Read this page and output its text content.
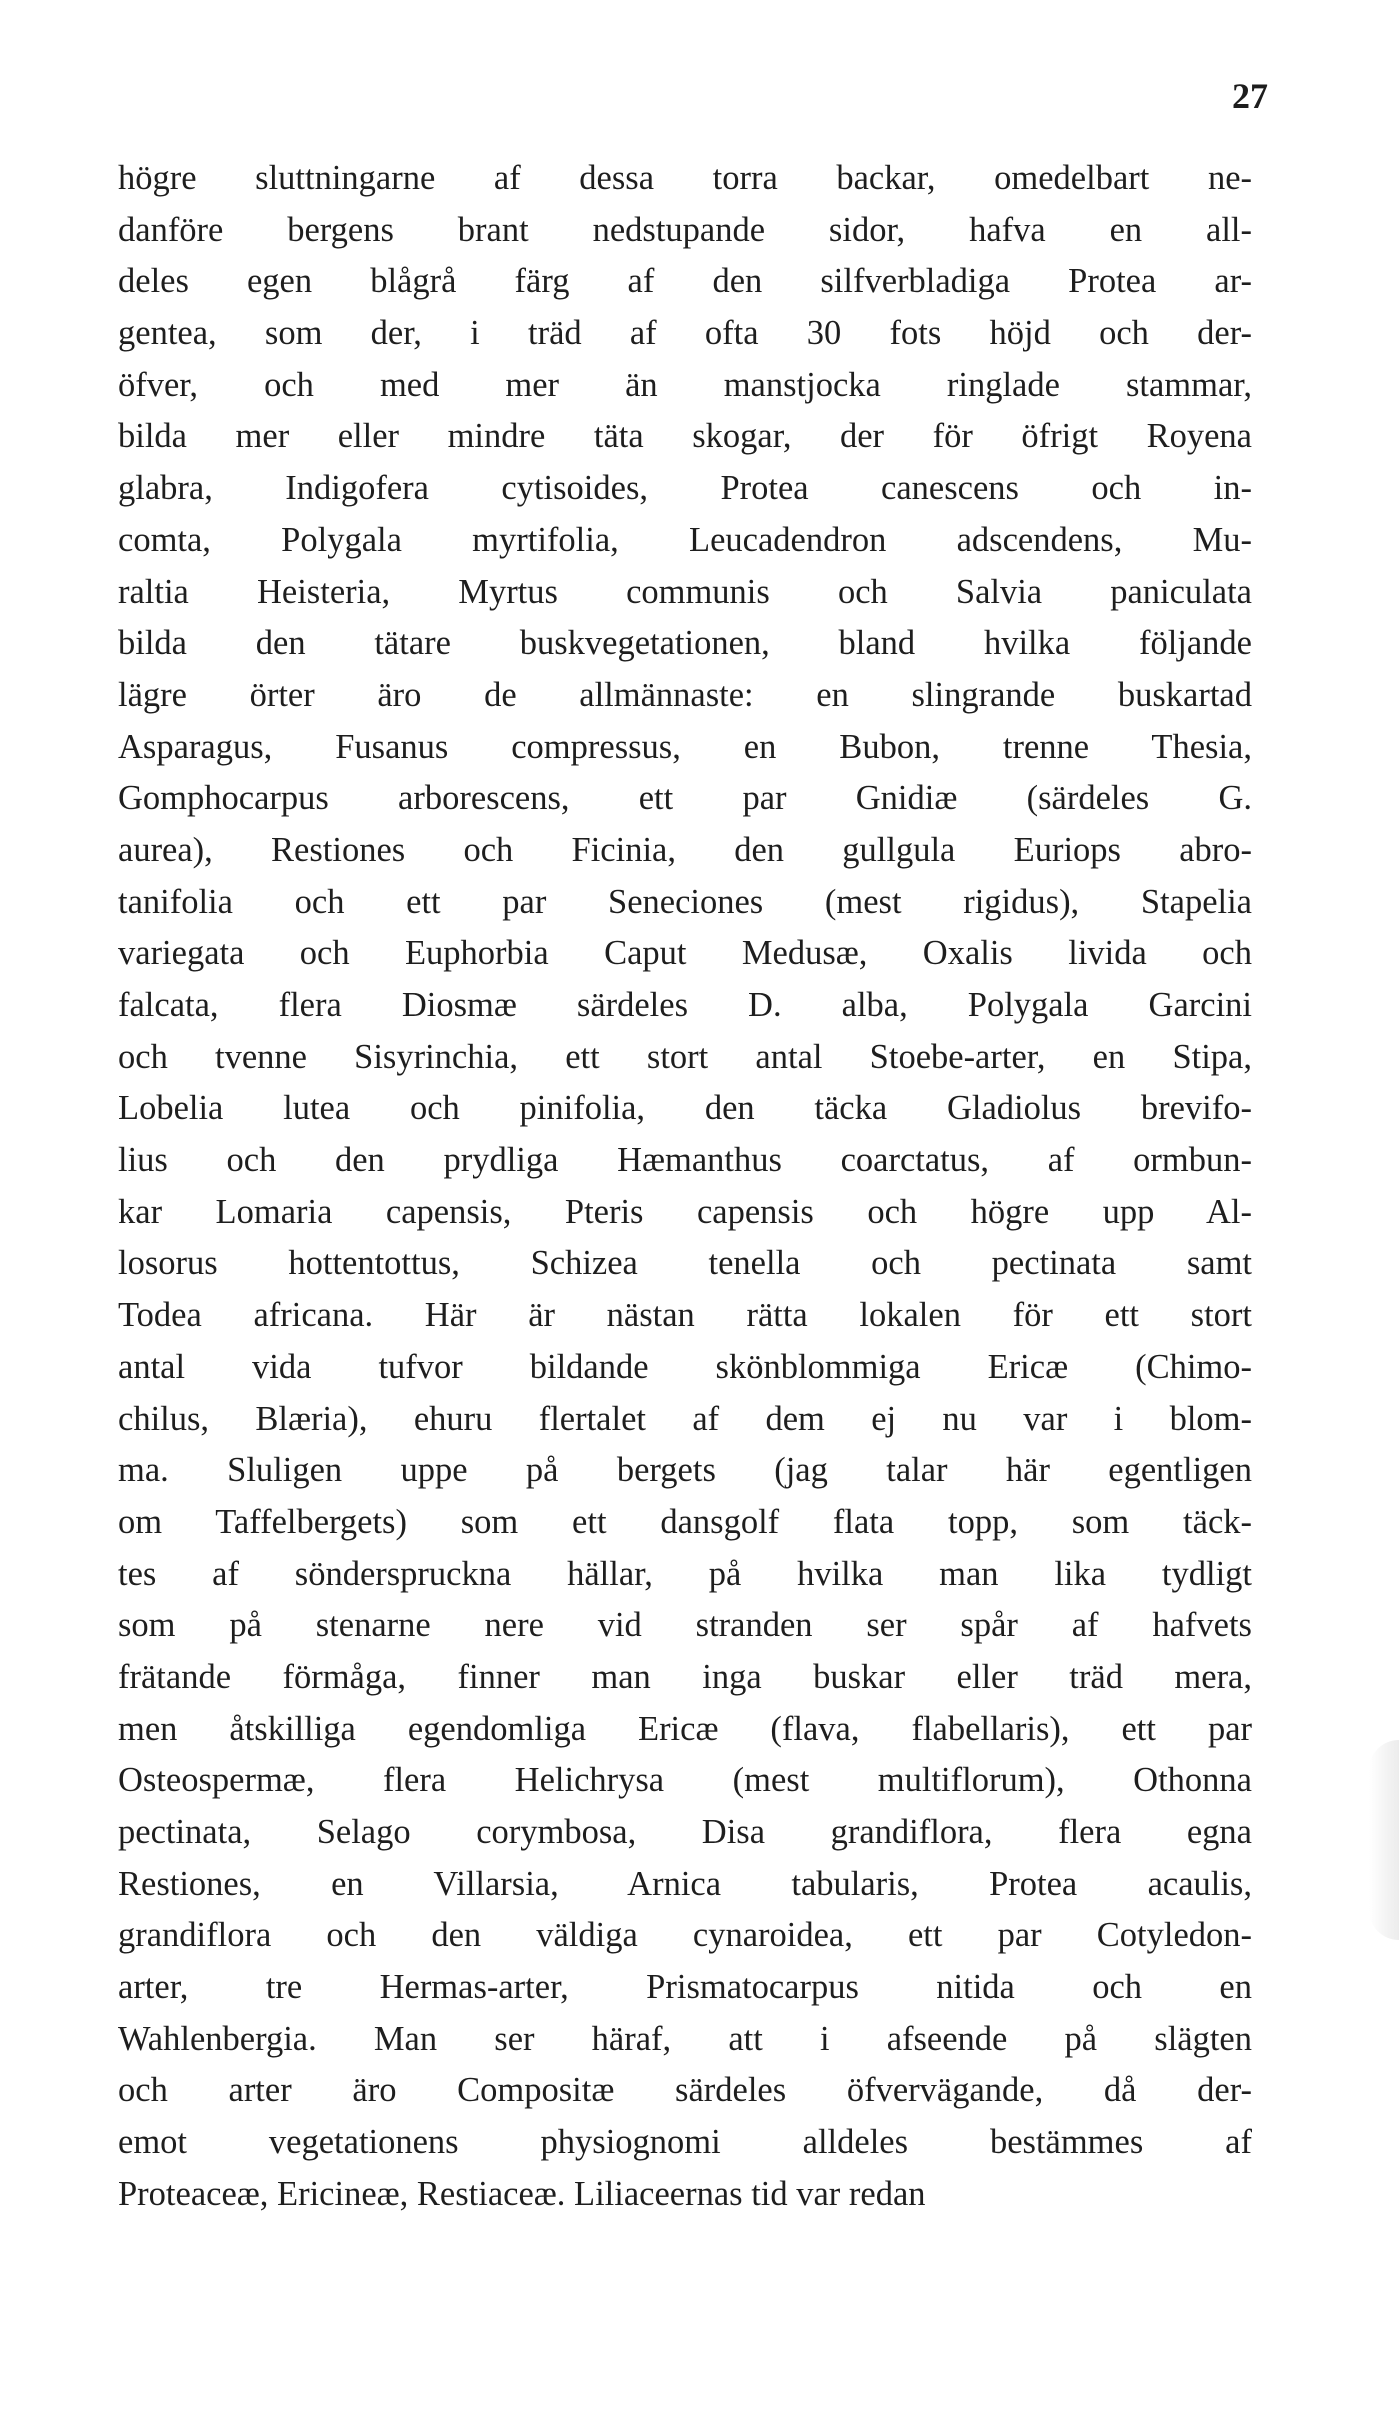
27
högre sluttningarne af dessa torra backar, omedelbart ne-
danföre bergens brant nedstupande sidor, hafva en all-
deles egen blågrå färg af den silfverbladiga Protea ar-
gentea, som der, i träd af ofta 30 fots höjd och der-
öfver, och med mer än manstjocka ringlade stammar,
bilda mer eller mindre täta skogar, der för öfrigt Royena
glabra, Indigofera cytisoides, Protea canescens och in-
comta, Polygala myrtifolia, Leucadendron adscendens, Mu-
raltia Heisteria, Myrtus communis och Salvia paniculata
bilda den tätare buskvegetationen, bland hvilka följande
lägre örter äro de allmännaste: en slingrande buskartad
Asparagus, Fusanus compressus, en Bubon, trenne Thesia,
Gomphocarpus arborescens, ett par Gnidiæ (särdeles G.
aurea), Restiones och Ficinia, den gullgula Euriops abro-
tanifolia och ett par Seneciones (mest rigidus), Stapelia
variegata och Euphorbia Caput Medusæ, Oxalis livida och
falcata, flera Diosmæ särdeles D. alba, Polygala Garcini
och tvenne Sisyrinchia, ett stort antal Stoebe-arter, en Stipa,
Lobelia lutea och pinifolia, den täcka Gladiolus brevifo-
lius och den prydliga Hæmanthus coarctatus, af ormbun-
kar Lomaria capensis, Pteris capensis och högre upp Al-
losorus hottentottus, Schizea tenella och pectinata samt
Todea africana. Här är nästan rätta lokalen för ett stort
antal vida tufvor bildande skönblommiga Ericæ (Chimo-
chilus, Blæria), ehuru flertalet af dem ej nu var i blom-
ma. Sluligen uppe på bergets (jag talar här egentligen
om Taffelbergets) som ett dansgolf flata topp, som täck-
tes af sönderspruckna hällar, på hvilka man lika tydligt
som på stenarne nere vid stranden ser spår af hafvets
frätande förmåga, finner man inga buskar eller träd mera,
men åtskilliga egendomliga Ericæ (flava, flabellaris), ett par
Osteospermæ, flera Helichrysa (mest multiflorum), Othonna
pectinata, Selago corymbosa, Disa grandiflora, flera egna
Restiones, en Villarsia, Arnica tabularis, Protea acaulis,
grandiflora och den väldiga cynaroidea, ett par Cotyledon-
arter, tre Hermas-arter, Prismatocarpus nitida och en
Wahlenbergia. Man ser häraf, att i afseende på slägten
och arter äro Compositæ särdeles öfvervägande, då der-
emot vegetationens physiognomi alldeles bestämmes af
Proteaceæ, Ericineæ, Restiaceæ. Liliaceernas tid var redan
